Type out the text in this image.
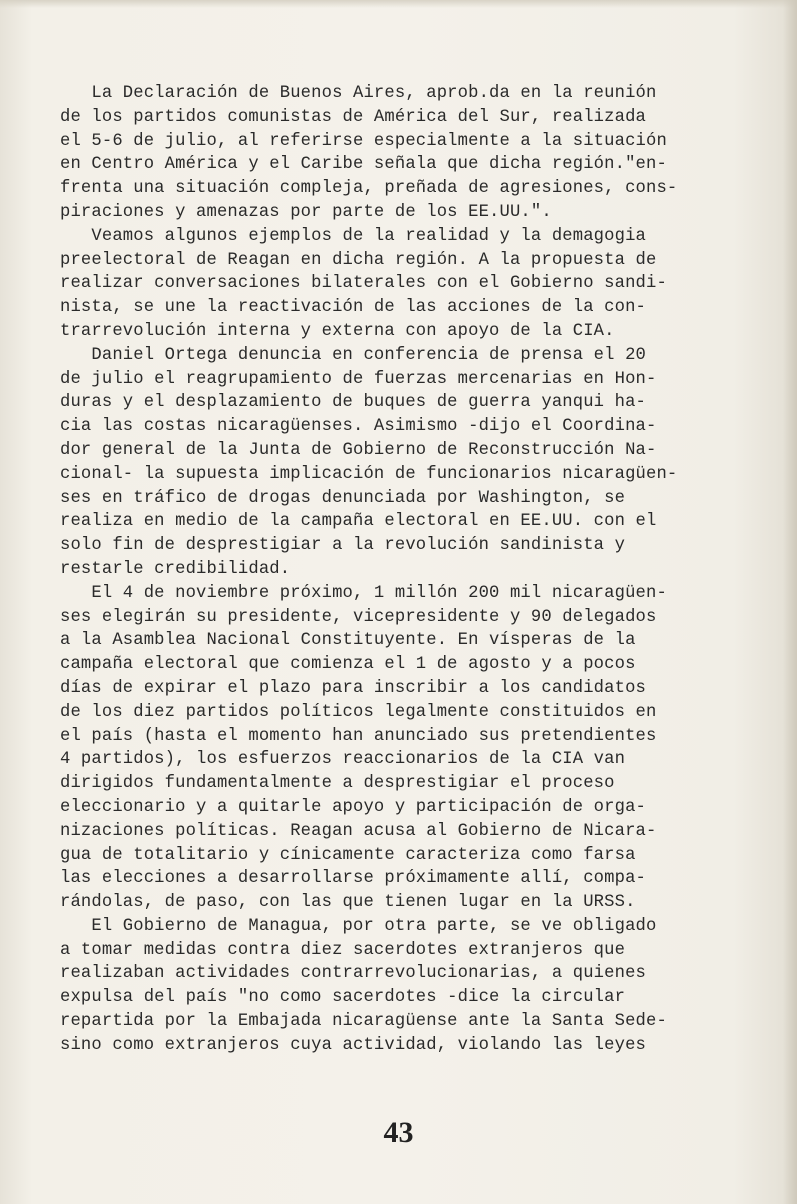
La Declaración de Buenos Aires, aprob.da en la reunión
de los partidos comunistas de América del Sur, realizada
el 5-6 de julio, al referirse especialmente a la situación
en Centro América y el Caribe señala que dicha región."en-
frenta una situación compleja, preñada de agresiones, cons-
piraciones y amenazas por parte de los EE.UU.".
Veamos algunos ejemplos de la realidad y la demagogia
preelectoral de Reagan en dicha región. A la propuesta de
realizar conversaciones bilaterales con el Gobierno sandi-
nista, se une la reactivación de las acciones de la con-
trarrevolución interna y externa con apoyo de la CIA.
Daniel Ortega denuncia en conferencia de prensa el 20
de julio el reagrupamiento de fuerzas mercenarias en Hon-
duras y el desplazamiento de buques de guerra yanqui ha-
cia las costas nicaragüenses. Asimismo -dijo el Coordina-
dor general de la Junta de Gobierno de Reconstrucción Na-
cional- la supuesta implicación de funcionarios nicaragüen-
ses en tráfico de drogas denunciada por Washington, se
realiza en medio de la campaña electoral en EE.UU. con el
solo fin de desprestigiar a la revolución sandinista y
restarle credibilidad.
El 4 de noviembre próximo, 1 millón 200 mil nicaragüen-
ses elegirán su presidente, vicepresidente y 90 delegados
a la Asamblea Nacional Constituyente. En vísperas de la
campaña electoral que comienza el 1 de agosto y a pocos
días de expirar el plazo para inscribir a los candidatos
de los diez partidos políticos legalmente constituidos en
el país (hasta el momento han anunciado sus pretendientes
4 partidos), los esfuerzos reaccionarios de la CIA van
dirigidos fundamentalmente a desprestigiar el proceso
eleccionario y a quitarle apoyo y participación de orga-
nizaciones políticas. Reagan acusa al Gobierno de Nicara-
gua de totalitario y cínicamente caracteriza como farsa
las elecciones a desarrollarse próximamente allí, compa-
rándolas, de paso, con las que tienen lugar en la URSS.
El Gobierno de Managua, por otra parte, se ve obligado
a tomar medidas contra diez sacerdotes extranjeros que
realizaban actividades contrarrevolucionarias, a quienes
expulsa del país "no como sacerdotes -dice la circular
repartida por la Embajada nicaragüense ante la Santa Sede-
sino como extranjeros cuya actividad, violando las leyes
43
